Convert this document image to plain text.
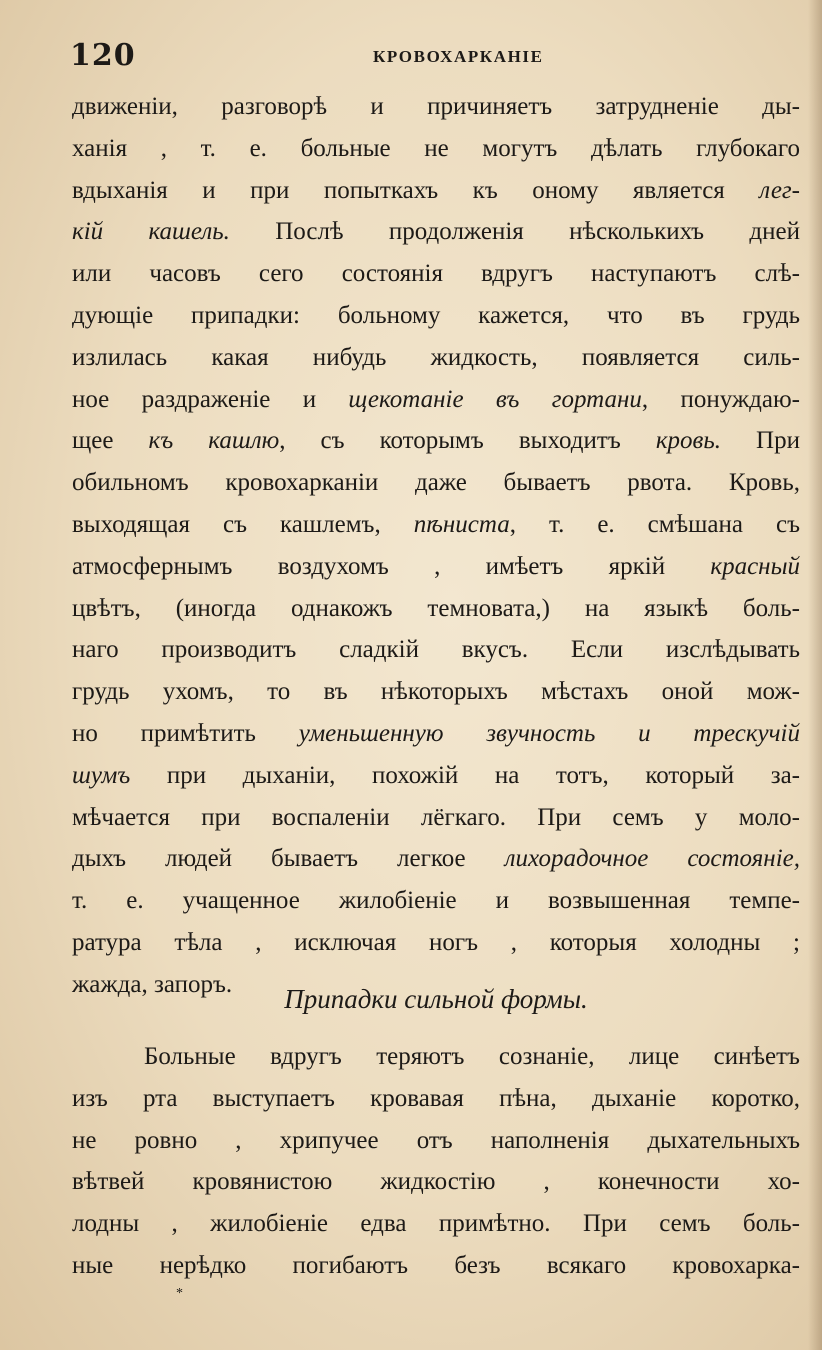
120	КРОВОХАРКАНІЕ
движеніи, разговорѣ и причиняетъ затрудненіе ды-
ханія , т. е. больные не могутъ дѣлать глубокаго
вдыханія и при попыткахъ къ оному является лег-
кій кашель. Послѣ продолженія нѣсколькихъ дней
или часовъ сего состоянія вдругъ наступаютъ слѣ-
дующіе припадки: больному кажется, что въ грудь
излилась какая нибудь жидкость, появляется силь-
ное раздраженіе и щекотаніе въ гортани, понуждаю-
щее къ кашлю, съ которымъ выходитъ кровь. При
обильномъ кровохарканіи даже бываетъ рвота. Кровь,
выходящая съ кашлемъ, пѣниста, т. е. смѣшана съ
атмосфернымъ воздухомъ , имѣетъ яркій красный
цвѣтъ, (иногда однакожъ темновата,) на языкѣ боль-
наго производитъ сладкій вкусъ. Если изслѣдывать
грудь ухомъ, то въ нѣкоторыхъ мѣстахъ оной мож-
но примѣтить уменьшенную звучность и трескучій
шумъ при дыханіи, похожій на тотъ, который за-
мѣчается при воспаленіи лёгкаго. При семъ у моло-
дыхъ людей бываетъ легкое лихорадочное состояніе,
т. е. учащенное жилобіеніе и возвышенная темпе-
ратура тѣла , исключая ногъ , которыя холодны ;
жажда, запоръ.	Припадки сильной формы.
Больные вдругъ теряютъ сознаніе, лице синѣетъ
изъ рта выступаетъ кровавая пѣна, дыханіе коротко,
не ровно , хрипучее отъ наполненія дыхательныхъ
вѣтвей кровянистою жидкостію , конечности хо-
лодны , жилобіеніе едва примѣтно. При семъ боль-
ные нерѣдко погибаютъ безъ всякаго кровохарка-
*
